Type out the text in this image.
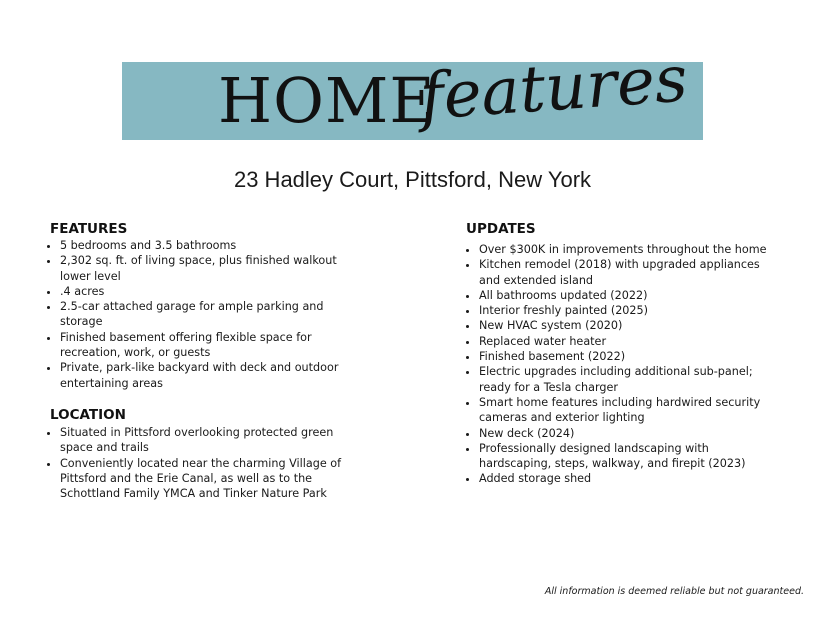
HOME
features
23 Hadley Court, Pittsford, New York
FEATURES
• 5 bedrooms and 3.5 bathrooms
• 2,302 sq. ft. of living space, plus finished walkout lower level
• .4 acres
• 2.5-car attached garage for ample parking and storage
• Finished basement offering flexible space for recreation, work, or guests
• Private, park-like backyard with deck and outdoor entertaining areas
LOCATION
• Situated in Pittsford overlooking protected green space and trails
• Conveniently located near the charming Village of Pittsford and the Erie Canal, as well as to the Schottland Family YMCA and Tinker Nature Park
UPDATES
• Over $300K in improvements throughout the home
• Kitchen remodel (2018) with upgraded appliances and extended island
• All bathrooms updated (2022)
• Interior freshly painted (2025)
• New HVAC system (2020)
• Replaced water heater
• Finished basement (2022)
• Electric upgrades including additional sub-panel; ready for a Tesla charger
• Smart home features including hardwired security cameras and exterior lighting
• New deck (2024)
• Professionally designed landscaping with hardscaping, steps, walkway, and firepit (2023)
• Added storage shed
All information is deemed reliable but not guaranteed.
